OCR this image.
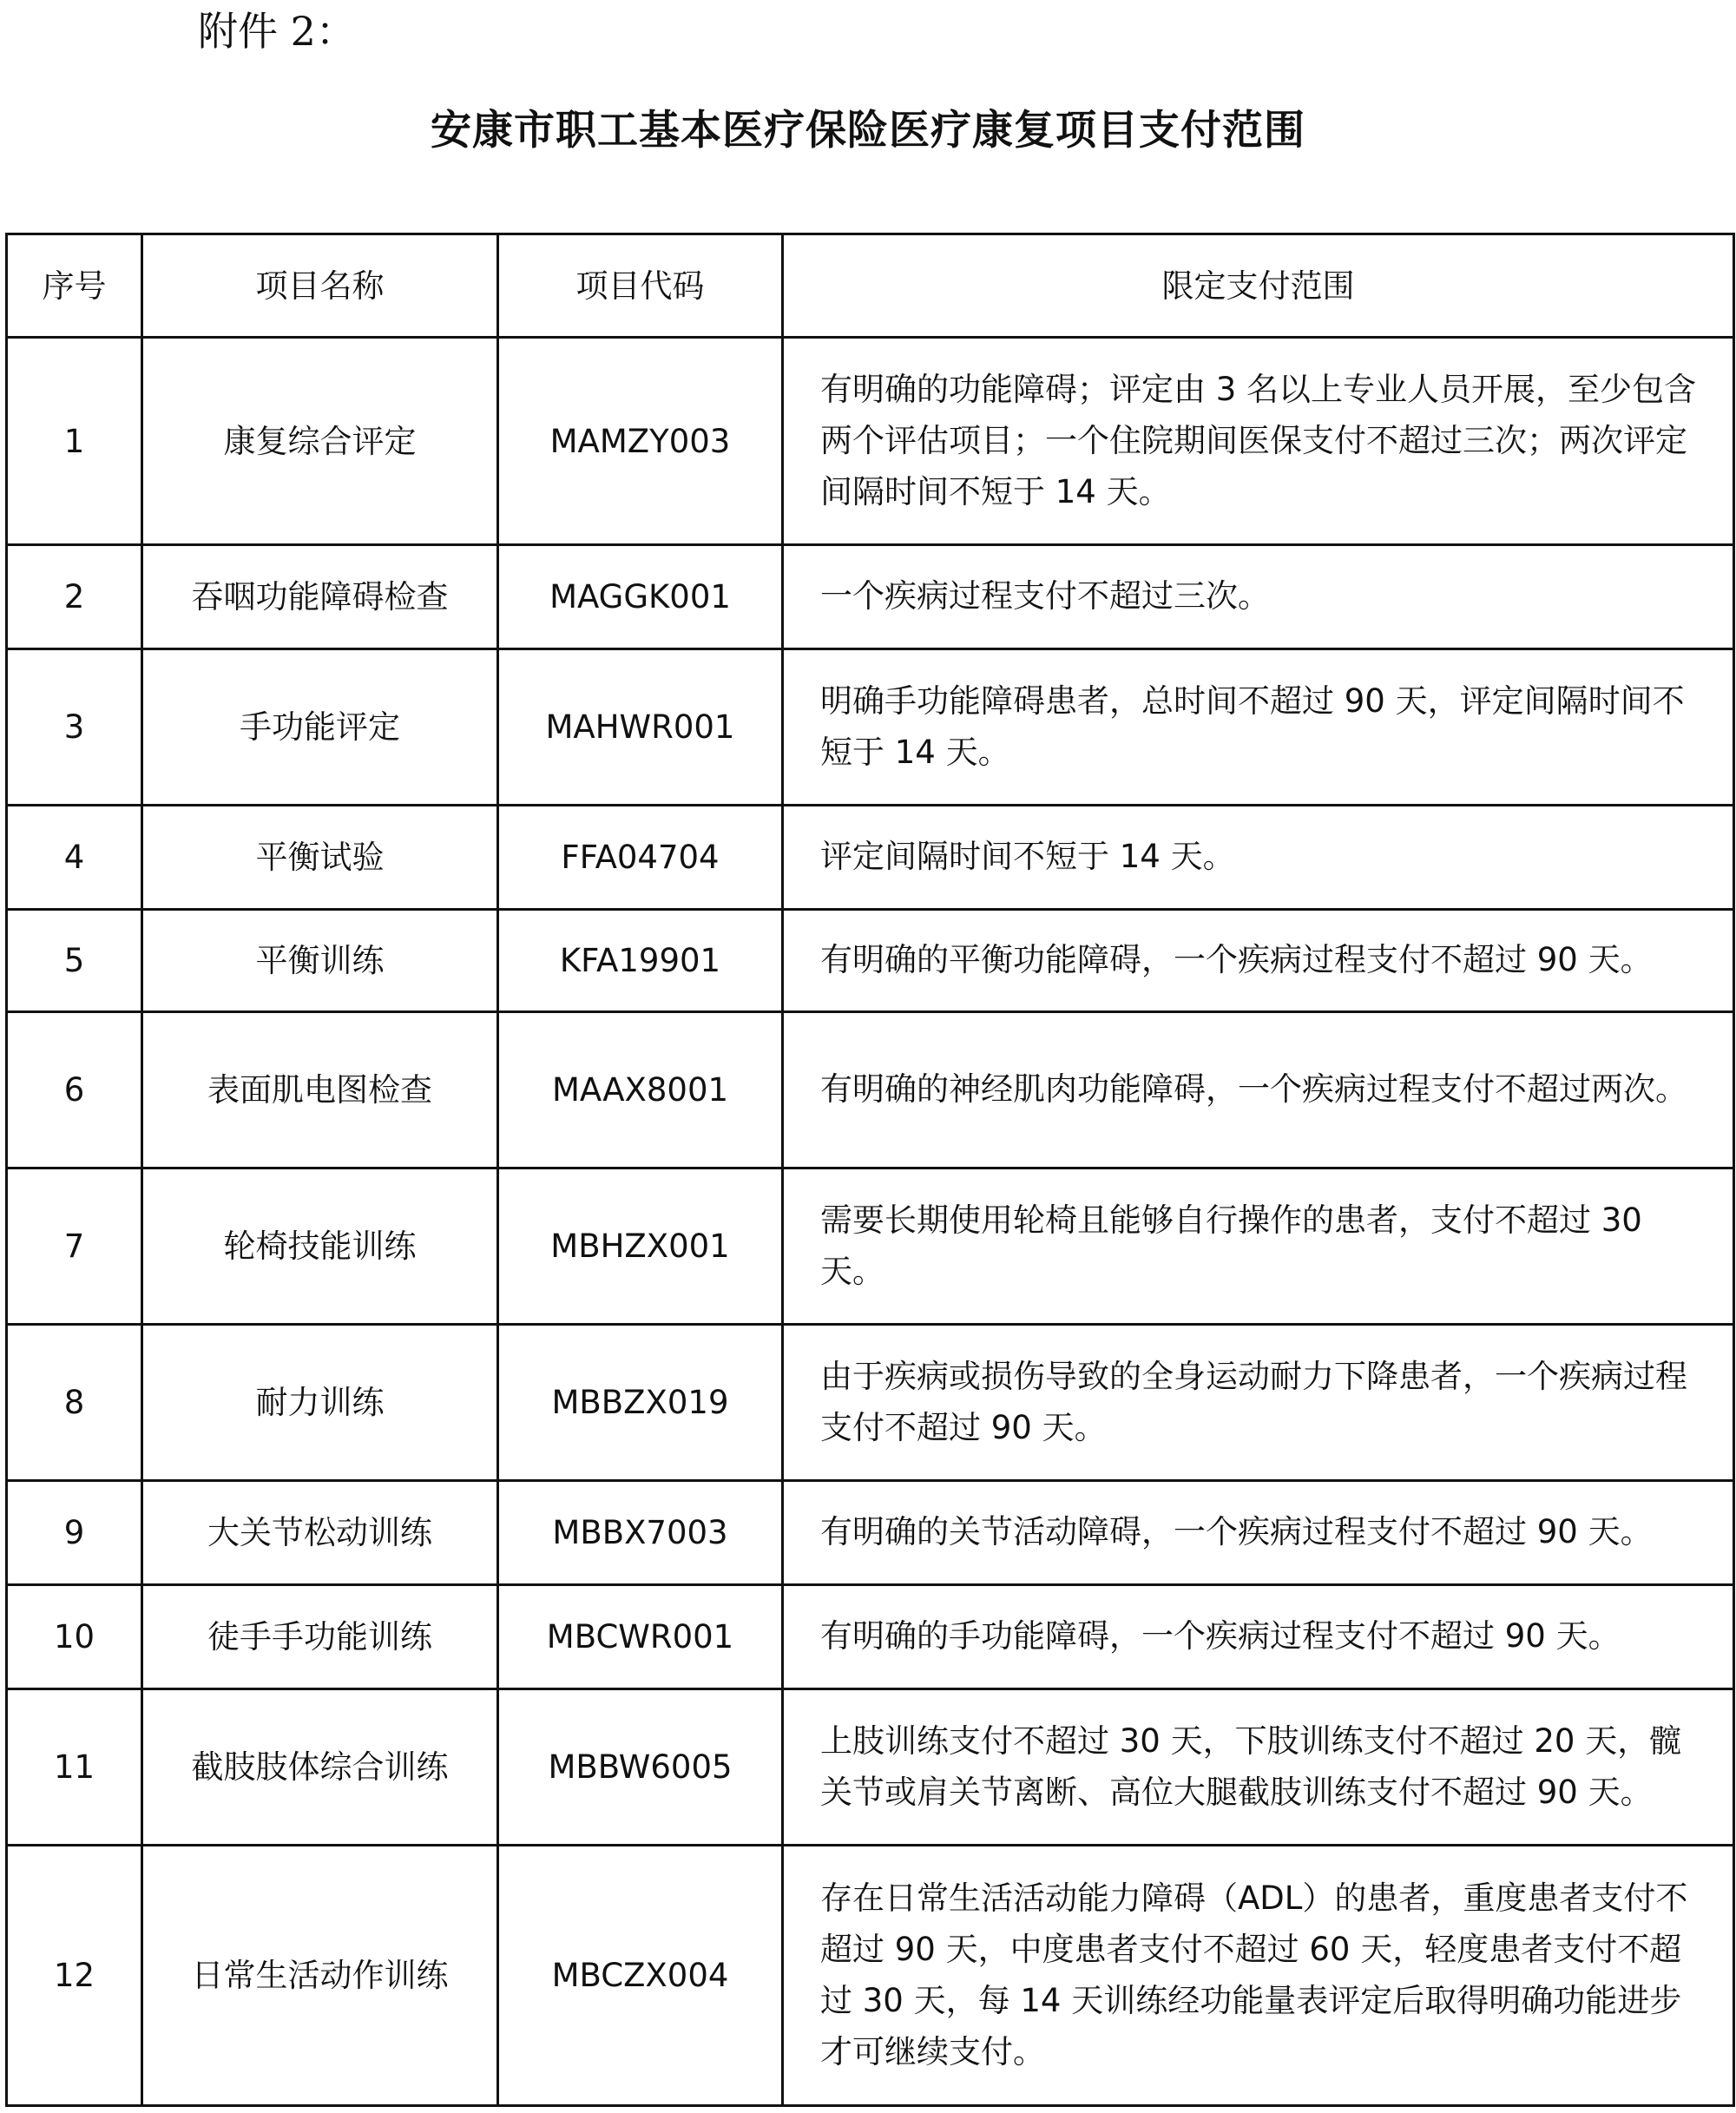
附件 2：

安康市职工基本医疗保险医疗康复项目支付范围
序号	项目名称	项目代码	限定支付范围
1	康复综合评定	MAMZY003	有明确的功能障碍；评定由 3 名以上专业人员开展，至少包含两个评估项目；一个住院期间医保支付不超过三次；两次评定间隔时间不短于 14 天。
2	吞咽功能障碍检查	MAGGK001	一个疾病过程支付不超过三次。
3	手功能评定	MAHWR001	明确手功能障碍患者，总时间不超过 90 天，评定间隔时间不短于 14 天。
4	平衡试验	FFA04704	评定间隔时间不短于 14 天。
5	平衡训练	KFA19901	有明确的平衡功能障碍，一个疾病过程支付不超过 90 天。
6	表面肌电图检查	MAAX8001	有明确的神经肌肉功能障碍，一个疾病过程支付不超过两次。
7	轮椅技能训练	MBHZX001	需要长期使用轮椅且能够自行操作的患者，支付不超过 30 天。
8	耐力训练	MBBZX019	由于疾病或损伤导致的全身运动耐力下降患者，一个疾病过程支付不超过 90 天。
9	大关节松动训练	MBBX7003	有明确的关节活动障碍，一个疾病过程支付不超过 90 天。
10	徒手手功能训练	MBCWR001	有明确的手功能障碍，一个疾病过程支付不超过 90 天。
11	截肢肢体综合训练	MBBW6005	上肢训练支付不超过 30 天，下肢训练支付不超过 20 天，髋关节或肩关节离断、高位大腿截肢训练支付不超过 90 天。
12	日常生活动作训练	MBCZX004	存在日常生活活动能力障碍（ADL）的患者，重度患者支付不超过 90 天，中度患者支付不超过 60 天，轻度患者支付不超过 30 天，每 14 天训练经功能量表评定后取得明确功能进步才可继续支付。
